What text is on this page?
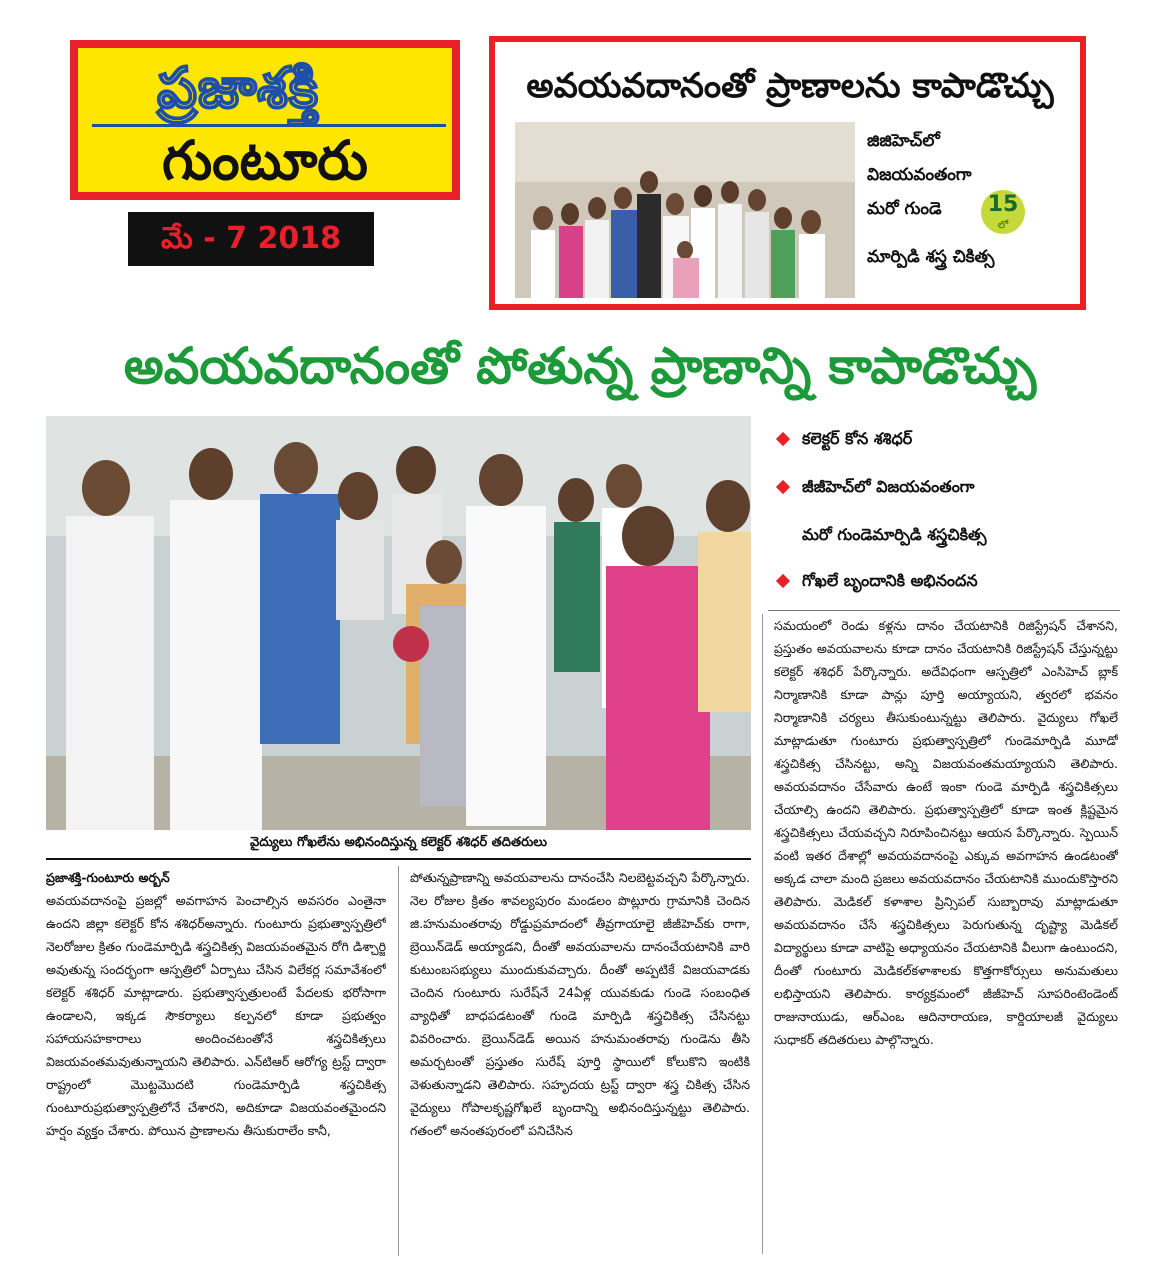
ప్రజాశక్తి
గుంటూరు
మే - 7 2018
అవయవదానంతో ప్రాణాలను కాపాడొచ్చు
జిజిహెచ్‌లో
విజయవంతంగా
మరో గుండె
మార్పిడి శస్త్ర చికిత్స
15
లో
అవయవదానంతో పోతున్న ప్రాణాన్ని కాపాడొచ్చు
వైద్యులు గోఖలేను అభినందిస్తున్న కలెక్టర్‌ శశిధర్‌ తదితరులు
కలెక్టర్‌ కోన శశిధర్‌
జీజీహెచ్‌లో విజయవంతంగా
మరో గుండెమార్పిడి శస్త్రచికిత్స
గోఖలే బృందానికి అభినందన

ప్రజాశక్తి-గుంటూరు అర్బన్‌

అవయవదానంపై ప్రజల్లో అవగాహన పెంచాల్సిన అవసరం ఎంతైనా ఉందని జిల్లా కలెక్టర్‌ కోన శశిధర్‌అన్నారు. గుంటూరు ప్రభుత్వాస్పత్రిలో నెలరోజుల క్రితం గుండెమార్పిడి శస్త్రచికిత్స విజయవంతమైన రోగి డిశ్చార్జి అవుతున్న సందర్భంగా ఆస్పత్రిలో ఏర్పాటు చేసిన విలేకర్ల సమావేశంలో కలెక్టర్‌ శశిధర్‌ మాట్లాడారు. ప్రభుత్వాస్పత్రులంటే పేదలకు భరోసాగా ఉండాలని, ఇక్కడ సౌకర్యాలు కల్పనలో కూడా ప్రభుత్వం సహాయసహకారాలు అందించటంతోనే శస్త్రచికిత్సలు విజయవంతమవుతున్నాయని తెలిపారు. ఎన్‌టిఆర్‌ ఆరోగ్య ట్రస్ట్‌ ద్వారా రాష్ట్రంలో మొట్టమొదటి గుండెమార్పిడి శస్త్రచికిత్స గుంటూరుప్రభుత్వాస్పత్రిలోనే చేశారని, అదికూడా విజయవంతమైందని హర్షం వ్యక్తం చేశారు. పోయిన ప్రాణాలను తీసుకురాలేం కానీ,

పోతున్నప్రాణాన్ని అవయవాలను దానంచేసి నిలబెట్టవచ్చని పేర్కొన్నారు. నెల రోజుల క్రితం శావల్యపురం మండలం పొట్లూరు గ్రామానికి చెందిన జి.హనుమంతరావు రోడ్డుప్రమాదంలో తీవ్రగాయాలై జీజీహెచ్‌కు రాగా, బ్రెయిన్‌డెడ్‌ అయ్యాడని, దీంతో అవయవాలను దానంచేయటానికి వారి కుటుంబసభ్యులు ముందుకువచ్చారు. దీంతో అప్పటికే విజయవాడకు చెందిన గుంటూరు సురేష్‌నే 24ఏళ్ల యువకుడు గుండె సంబంధిత వ్యాధితో బాధపడటంతో గుండె మార్పిడి శస్త్రచికిత్స చేసినట్టు వివరించారు. బ్రెయిన్‌డెడ్‌ అయిన హనుమంతరావు గుండెను తీసి అమర్చటంతో ప్రస్తుతం సురేష్‌ పూర్తి స్థాయిలో కోలుకొని ఇంటికి వెళుతున్నాడని తెలిపారు. సహృదయ ట్రస్ట్‌ ద్వారా శస్త్ర చికిత్స చేసిన వైద్యులు గోపాలకృష్ణగోఖలే బృందాన్ని అభినందిస్తున్నట్టు తెలిపారు. గతంలో అనంతపురంలో పనిచేసిన

సమయంలో రెండు కళ్లను దానం చేయటానికి రిజిస్ట్రేషన్‌ చేశానని, ప్రస్తుతం అవయవాలను కూడా దానం చేయటానికి రిజిస్ట్రేషన్‌ చేస్తున్నట్టు కలెక్టర్‌ శశిధర్‌ పేర్కొన్నారు. అదేవిధంగా ఆస్పత్రిలో ఎంసిహెచ్‌ బ్లాక్‌ నిర్మాణానికి కూడా పాన్లు పూర్తి అయ్యాయని, త్వరలో భవనం నిర్మాణానికి చర్యలు తీసుకుంటున్నట్టు తెలిపారు. వైద్యులు గోఖలే మాట్లాడుతూ గుంటూరు ప్రభుత్వాస్పత్రిలో గుండెమార్పిడి మూడో శస్త్రచికిత్స చేసినట్టు, అన్ని విజయవంతమయ్యాయని తెలిపారు. అవయవదానం చేసేవారు ఉంటే ఇంకా గుండె మార్పిడి శస్త్రచికిత్సలు చేయాల్సి ఉందని తెలిపారు. ప్రభుత్వాస్పత్రిలో కూడా ఇంత క్లిష్టమైన శస్త్రచికిత్సలు చేయవచ్చని నిరూపించినట్టు ఆయన పేర్కొన్నారు. స్పెయిన్‌ వంటి ఇతర దేశాల్లో అవయవదానంపై ఎక్కువ అవగాహన ఉండటంతో అక్కడ చాలా మంది ప్రజలు అవయవదానం చేయటానికి ముందుకొస్తారని తెలిపారు. మెడికల్‌ కళాశాల ప్రిన్సిపల్‌ సుబ్బారావు మాట్లాడుతూ అవయవదానం చేసే శస్త్రచికిత్సలు పెరుగుతున్న దృష్ట్యా మెడికల్‌ విద్యార్థులు కూడా వాటిపై అధ్యాయనం చేయటానికి వీలుగా ఉంటుందని, దీంతో గుంటూరు మెడికల్‌కళాశాలకు కొత్తగాకోర్సులు అనుమతులు లభిస్తాయని తెలిపారు. కార్యక్రమంలో జీజీహెచ్‌ సూపరింటెండెంట్‌ రాజునాయుడు, ఆర్‌ఎంఒ ఆదినారాయణ, కార్డియాలజీ వైద్యులు సుధాకర్‌ తదితరులు పాల్గొన్నారు.
